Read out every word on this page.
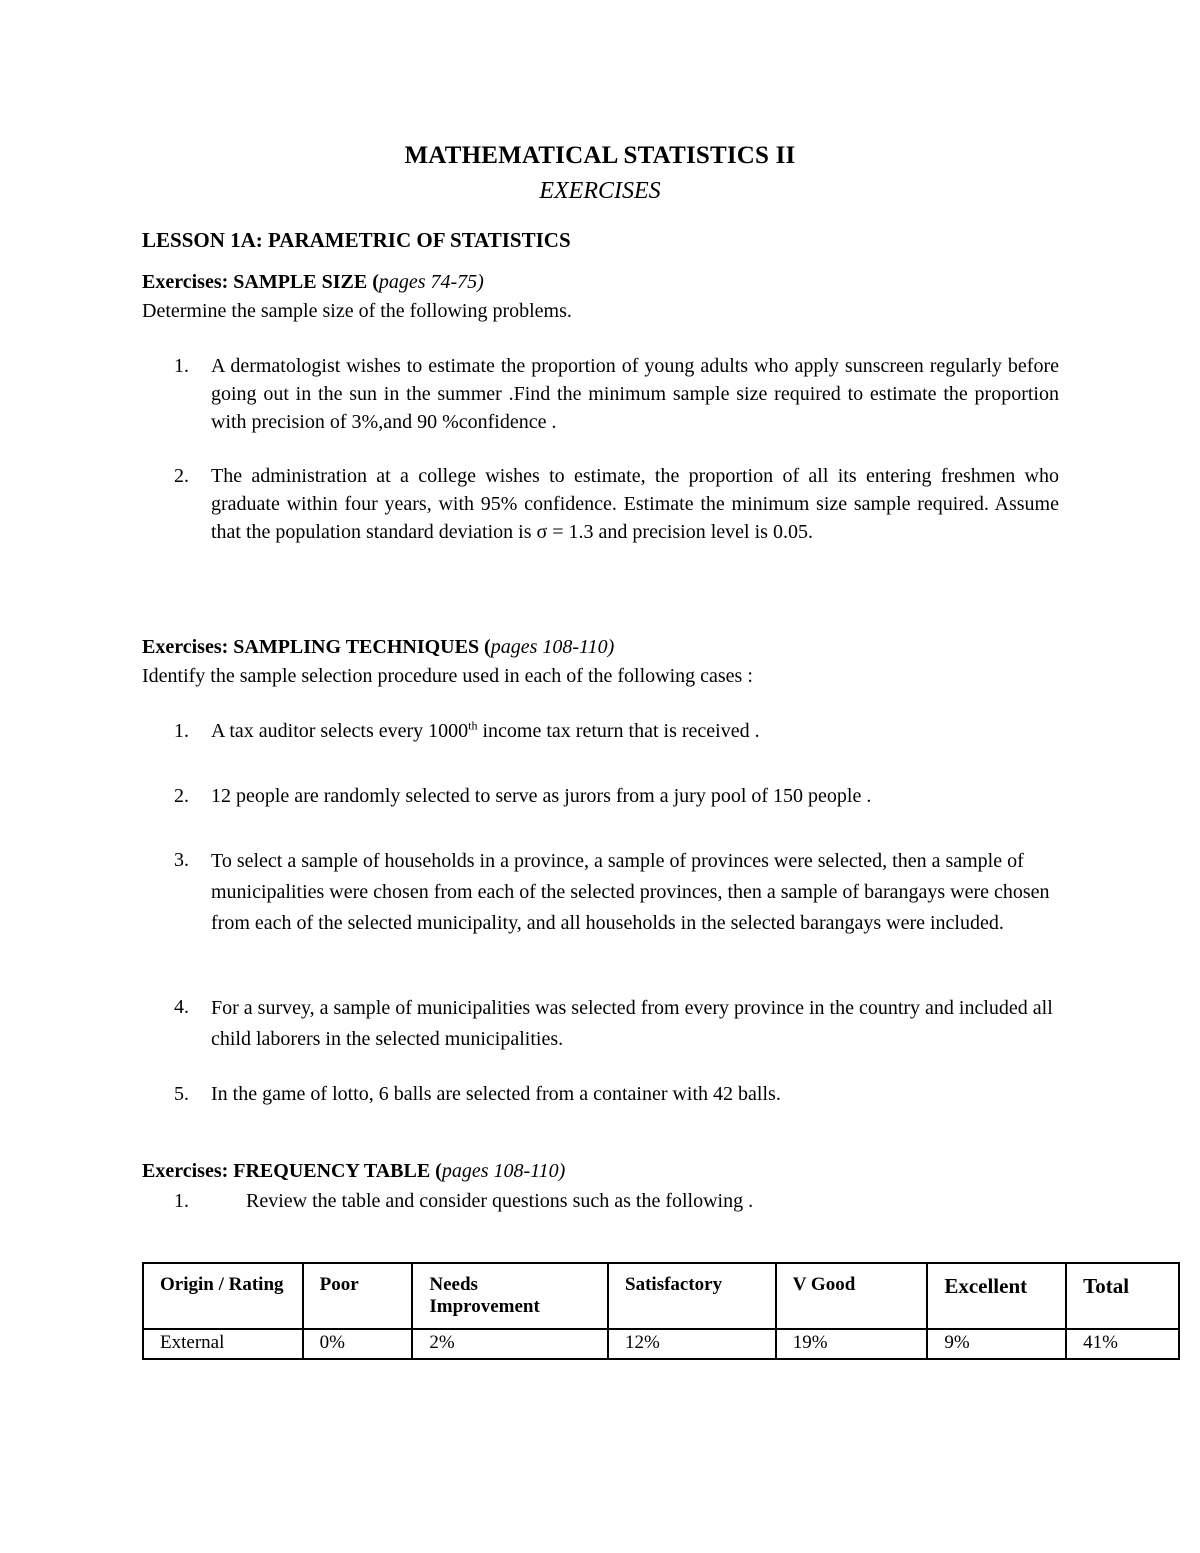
MATHEMATICAL STATISTICS II
EXERCISES
LESSON 1A: PARAMETRIC OF STATISTICS
Exercises: SAMPLE SIZE (pages 74-75)
Determine the sample size of the following problems.
1. A dermatologist wishes to estimate the proportion of young adults who apply sunscreen regularly before going out in the sun in the summer .Find the minimum sample size required to estimate the proportion with precision of 3%,and 90 %confidence .
2. The administration at a college wishes to estimate, the proportion of all its entering freshmen who graduate within four years, with 95% confidence. Estimate the minimum size sample required. Assume that the population standard deviation is σ = 1.3 and precision level is 0.05.
Exercises: SAMPLING TECHNIQUES (pages 108-110)
Identify the sample selection procedure used in each of the following cases :
1. A tax auditor selects every 1000th income tax return that is received .
2. 12 people are randomly selected to serve as jurors from a jury pool of 150 people .
3. To select a sample of households in a province, a sample of provinces were selected, then a sample of municipalities were chosen from each of the selected provinces, then a sample of barangays were chosen from each of the selected municipality, and all households in the selected barangays were included.
4. For a survey, a sample of municipalities was selected from every province in the country and included all child laborers in the selected municipalities.
5. In the game of lotto, 6 balls are selected from a container with 42 balls.
Exercises: FREQUENCY TABLE (pages 108-110)
1.	Review the table and consider questions such as the following .
Origin / Rating	Poor	Needs Improvement	Satisfactory	V Good	Excellent	Total
External	0%	2%	12%	19%	9%	41%
